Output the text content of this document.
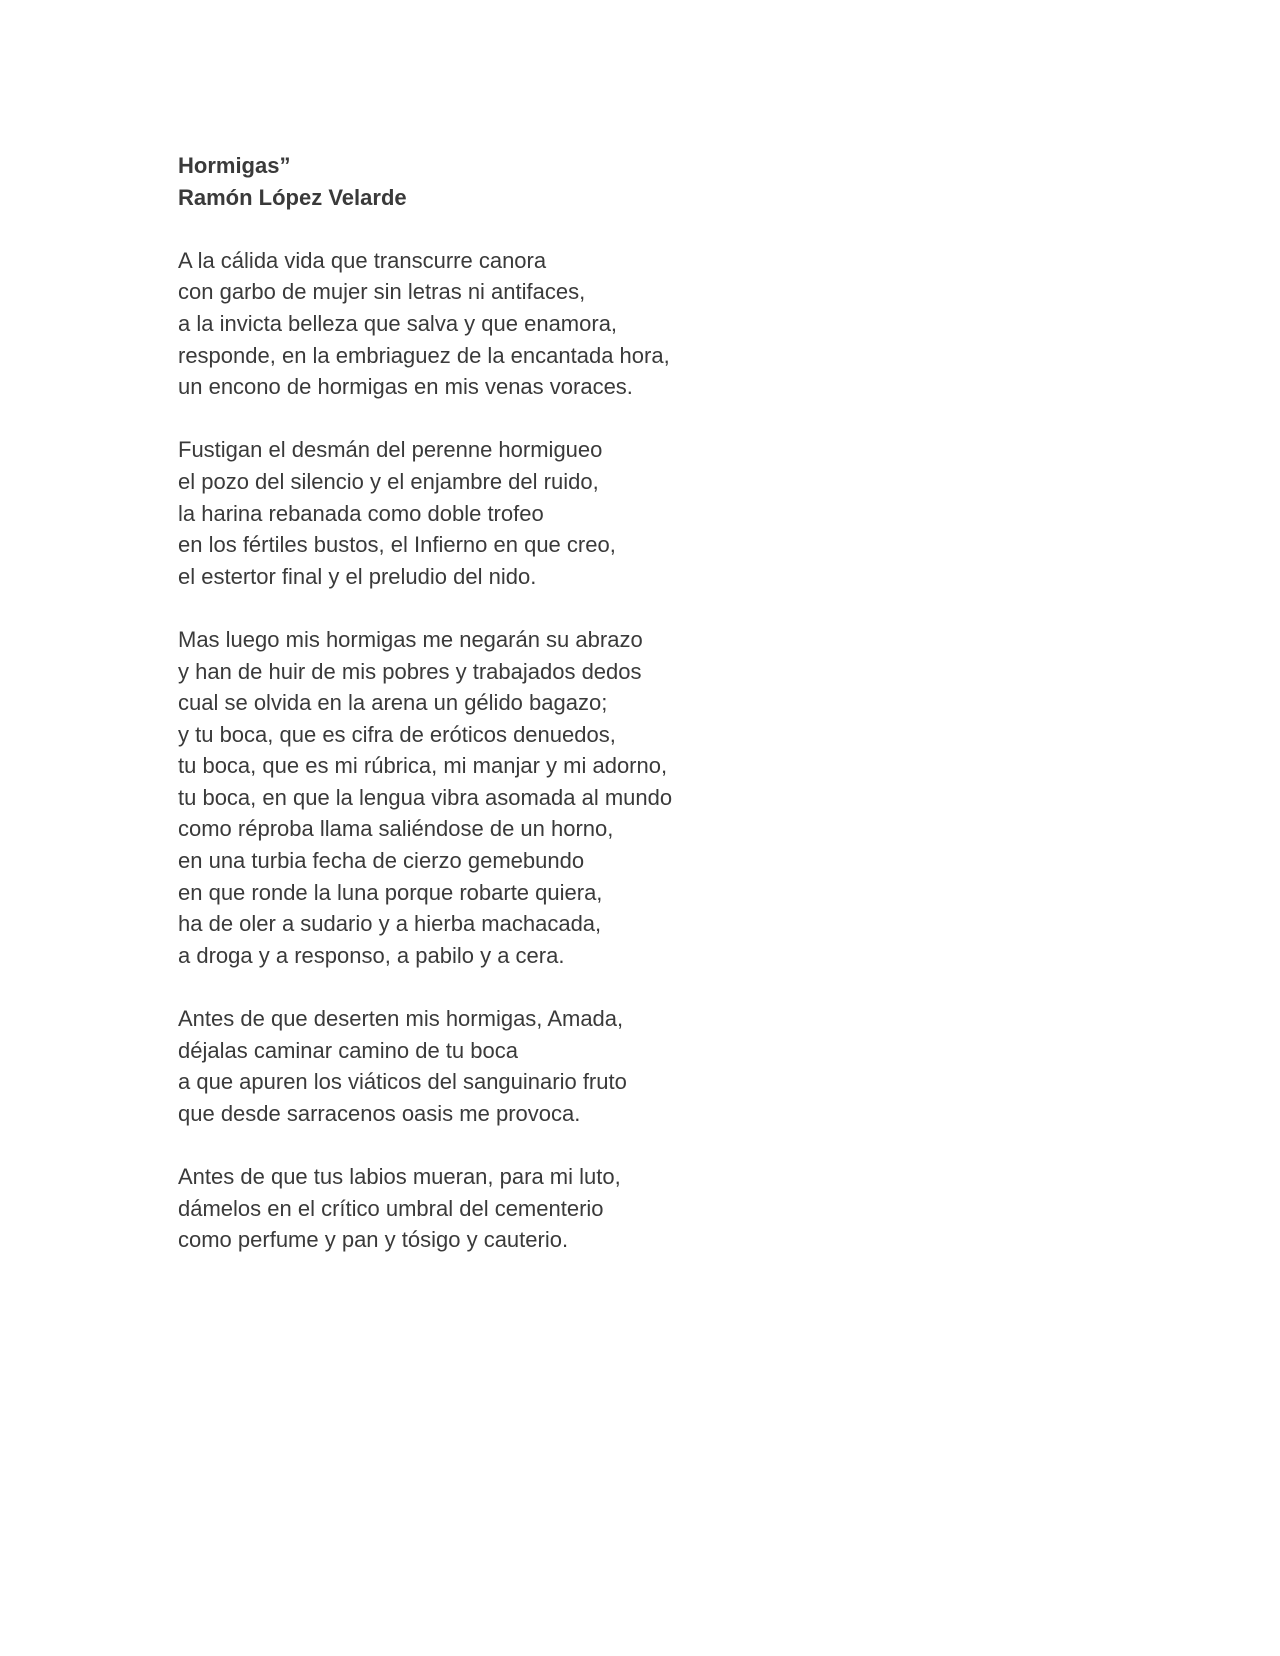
Hormigas”
Ramón López Velarde
A la cálida vida que transcurre canora
con garbo de mujer sin letras ni antifaces,
a la invicta belleza que salva y que enamora,
responde, en la embriaguez de la encantada hora,
un encono de hormigas en mis venas voraces.
Fustigan el desmán del perenne hormigueo
el pozo del silencio y el enjambre del ruido,
la harina rebanada como doble trofeo
en los fértiles bustos, el Infierno en que creo,
el estertor final y el preludio del nido.
Mas luego mis hormigas me negarán su abrazo
y han de huir de mis pobres y trabajados dedos
cual se olvida en la arena un gélido bagazo;
y tu boca, que es cifra de eróticos denuedos,
tu boca, que es mi rúbrica, mi manjar y mi adorno,
tu boca, en que la lengua vibra asomada al mundo
como réproba llama saliéndose de un horno,
en una turbia fecha de cierzo gemebundo
en que ronde la luna porque robarte quiera,
ha de oler a sudario y a hierba machacada,
a droga y a responso, a pabilo y a cera.
Antes de que deserten mis hormigas, Amada,
déjalas caminar camino de tu boca
a que apuren los viáticos del sanguinario fruto
que desde sarracenos oasis me provoca.
Antes de que tus labios mueran, para mi luto,
dámelos en el crítico umbral del cementerio
como perfume y pan y tósigo y cauterio.
